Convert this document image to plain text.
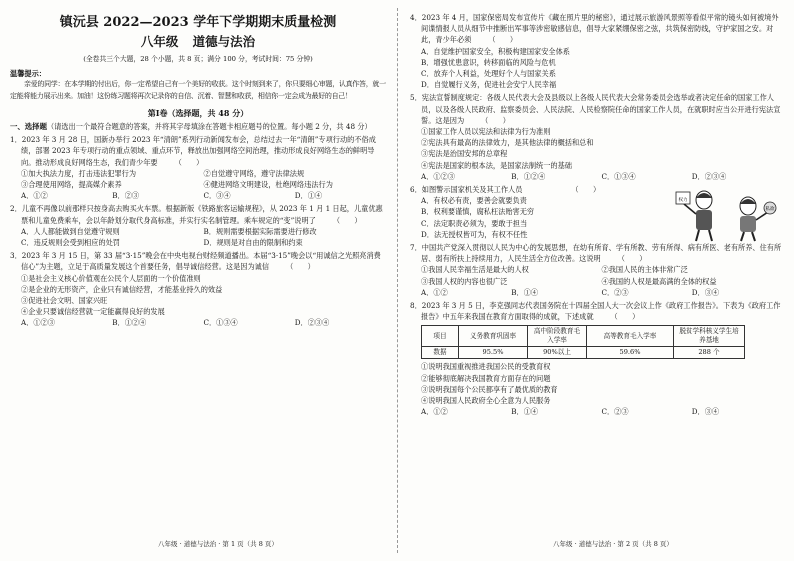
镇沅县 2022—2023 学年下学期期末质量检测
八年级 道德与法治
(全卷共三个大题，28 个小题，共 8 页；满分 100 分，考试时间：75 分钟)
温馨提示：
亲爱的同学：在本学期的付出后，你一定希望自己有一个美好的收获。这个时刻到来了，你只要细心审题，认真作答，就一定能将能力展示出来。加油！这份练习题将再次记录你的自信、沉着、智慧和收获，相信你一定会成为最好的自己！
第Ⅰ卷（选择题，共 48 分）
一、选择题（请选出一个最符合题意的答案，并将其字母填涂在答题卡相应题号的位置。每小题 2 分，共 48 分）
1．2023 年 3 月 28 日，国新办举行 2023 年“清朗”系列行动新闻发布会，总结过去一年“清朗”专项行动的不俗成绩，部署 2023 年专项行动的重点领域、重点环节，释放出加强网络空间治理，推动形成良好网络生态的鲜明导向。推动形成良好网络生态，我们青少年要 （　　）
①加大执法力度，打击违法犯罪行为	②自觉遵守网络，遵守法律法规
③合理使用网络，提高媒介素养	④健进网络文明建设，杜绝网络违法行为
A．①②	B．②③	C．③④	D．①④
2．儿童不再像以前那样只按身高去购买火车票。根据新版《铁路旅客运输规程》，从 2023 年 1 月 1 日起，儿童优惠票和儿童免费乘车，会以年龄划分取代身高标准，并实行实名制管理。乘车规定的“变”说明了 （　　）
A．人人都能做到自觉遵守规则	B．规则需要根据实际需要进行修改
C．违反规则会受到相应的处罚	D．规则是对自由的限制和约束
3．2023 年 3 月 15 日，第 33 届“3·15”晚会在中央电视台财经频道播出。本届“3·15”晚会以“用诚信之光照亮消费信心”为主题，立足于高质量发展这个首要任务，倡导诚信经营。这是因为诚信 （　　）
①是社会主义核心价值观在公民个人层面的一个价值准则
②是企业的无形资产，企业只有诚信经营，才能基业持久的效益
③促进社会文明、国家兴旺
④企业只要诚信经营就一定能赢得良好的发展
A．①②③	B．①②④	C．①③④	D．②③④
4．2023 年 4 月，国家保密局发布宣传片《藏在照片里的秘密》，通过展示旅游风景照等看似平常的镜头如何被境外间谍情报人员从细节中推断出军事等涉密敏感信息，倡导大家紧绷保密之弦，共筑保密防线，守护家国之安。对此，青少年必须 （　　）
A．自觉维护国家安全，积极构建国家安全体系
B．增强忧患意识，转移面临的风险与危机
C．放弃个人利益，处理好个人与国家关系
D．自觉履行义务，促进社会安宁人民幸福
5．宪法宣誓制度规定：各级人民代表大会及县级以上各级人民代表大会常务委员会选举或者决定任命的国家工作人员，以及各级人民政府、监察委员会、人民法院、人民检察院任命的国家工作人员，在就职时应当公开进行宪法宣誓。这是因为 （　　）
①国家工作人员以宪法和法律为行为准则
②宪法具有最高的法律效力，是其他法律的概括和总和
③宪法是治国安邦的总章程
④宪法是国家的根本法，是国家法制统一的基础
A．①②③	B．①②④	C．①③④	D．②③④
6．如图警示国家机关及其工作人员	（　　）
A．有权必有责，要善会就要负责
B．权利要谨慎，腐私枉法贻害无穷
C．法定职责必须为，要敢于担当
D．法无授权皆可为，有权不任性
权力
私欲
7．中国共产党深入贯彻以人民为中心的发展思想，在幼有所育、学有所教、劳有所得、病有所医、老有所养、住有所居、弱有所扶上持续用力，人民生活全方位改善。这说明 （　　）
①我国人民幸福生活是最大的人权	②我国人民的主体非常广泛
③我国人权的内容也很广泛	④我国的人权是最高满的全体的权益
A．①②	B．①④	C．②③	D．③④
8．2023 年 3 月 5 日，李克强同志代表国务院在十四届全国人大一次会议上作《政府工作报告》。下表为《政府工作报告》中五年来我国在教育方面取得的成就，下述成就 （　　）
项目	义务教育巩固率	高中阶段教育毛入学率	高等教育毛入学率	脱贫学科核义学生培养基地
数据	95.5%	90%以上	59.6%	288 个
①说明我国重视推进我国公民的受教育权
②能够彻底解决我国教育方面存在的问题
③说明我国每个公民都享有了最优质的教育
④说明我国人民政府全心全意为人民服务
A．①②	B．①④	C．②③	D．③④
八年级 · 道德与法治 · 第 1 页（共 8 页）	八年级 · 道德与法治 · 第 2 页（共 8 页）
